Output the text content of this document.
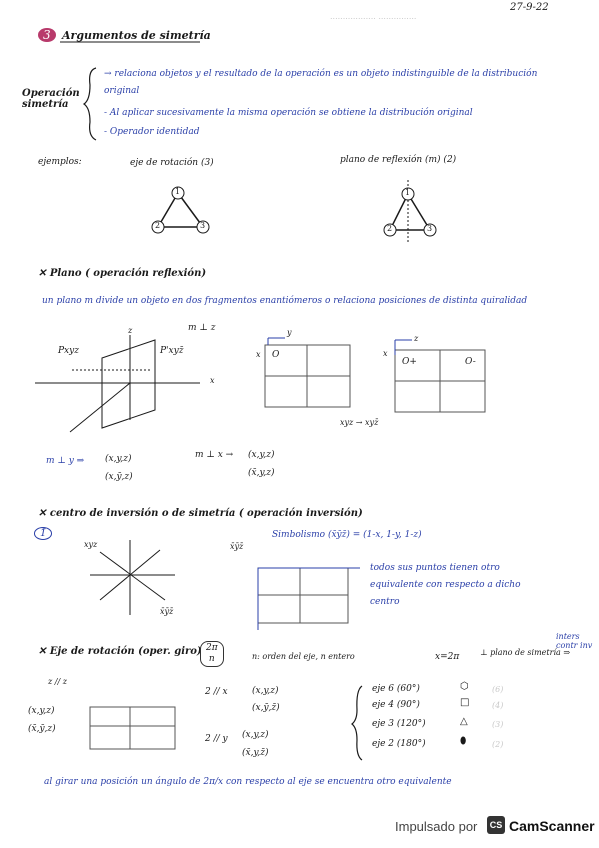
27-9-22
.................. ...............
3	Argumentos de simetría
Operación simetría
→ relaciona objetos y el resultado de la operación es un objeto indistinguible de la distribución original
- Al aplicar sucesivamente la misma operación se obtiene la distribución original
- Operador identidad
ejemplos:	eje de rotación (3)	plano de reflexión (m) (2)
1
2	3
1
2	3
✕ Plano ( operación reflexión)
un plano m divide un objeto en dos fragmentos enantiómeros o relaciona posiciones de distinta quiralidad
m ⊥ z
Pxyz	P'xyz̄
z
x
y
x O
z
x
O+	O-
xyz → xyz̄
m ⊥ y ⇒ (x,y,z)
(x,ȳ,z)
m ⊥ x → (x,y,z)
(x̄,y,z)
✕ centro de inversión o de simetría ( operación inversión)
1̄
xyz
x̄ȳz̄
x̄ȳz̄
Simbolismo (x̄ȳz̄) = (1-x, 1-y, 1-z)
todos sus puntos tienen otro equivalente con respecto a dicho centro
✕ Eje de rotación (oper. giro) 2π
n	n: orden del eje, n entero	x=2π	⊥ plano de simetría ⇒
inters contr inv
z // z
(x,y,z)
(x̄,ȳ,z)
2 // x	(x,y,z)
(x,ȳ,z̄)
2 // y (x,y,z)
(x̄,y,z̄)
eje 6 (60°)	⬡	(6)
eje 4 (90°)	□	(4)
eje 3 (120°)	△	(3)
eje 2 (180°)	⬮	(2)
al girar una posición un ángulo de 2π/x con respecto al eje se encuentra otro equivalente
Impulsado por	CS CamScanner
